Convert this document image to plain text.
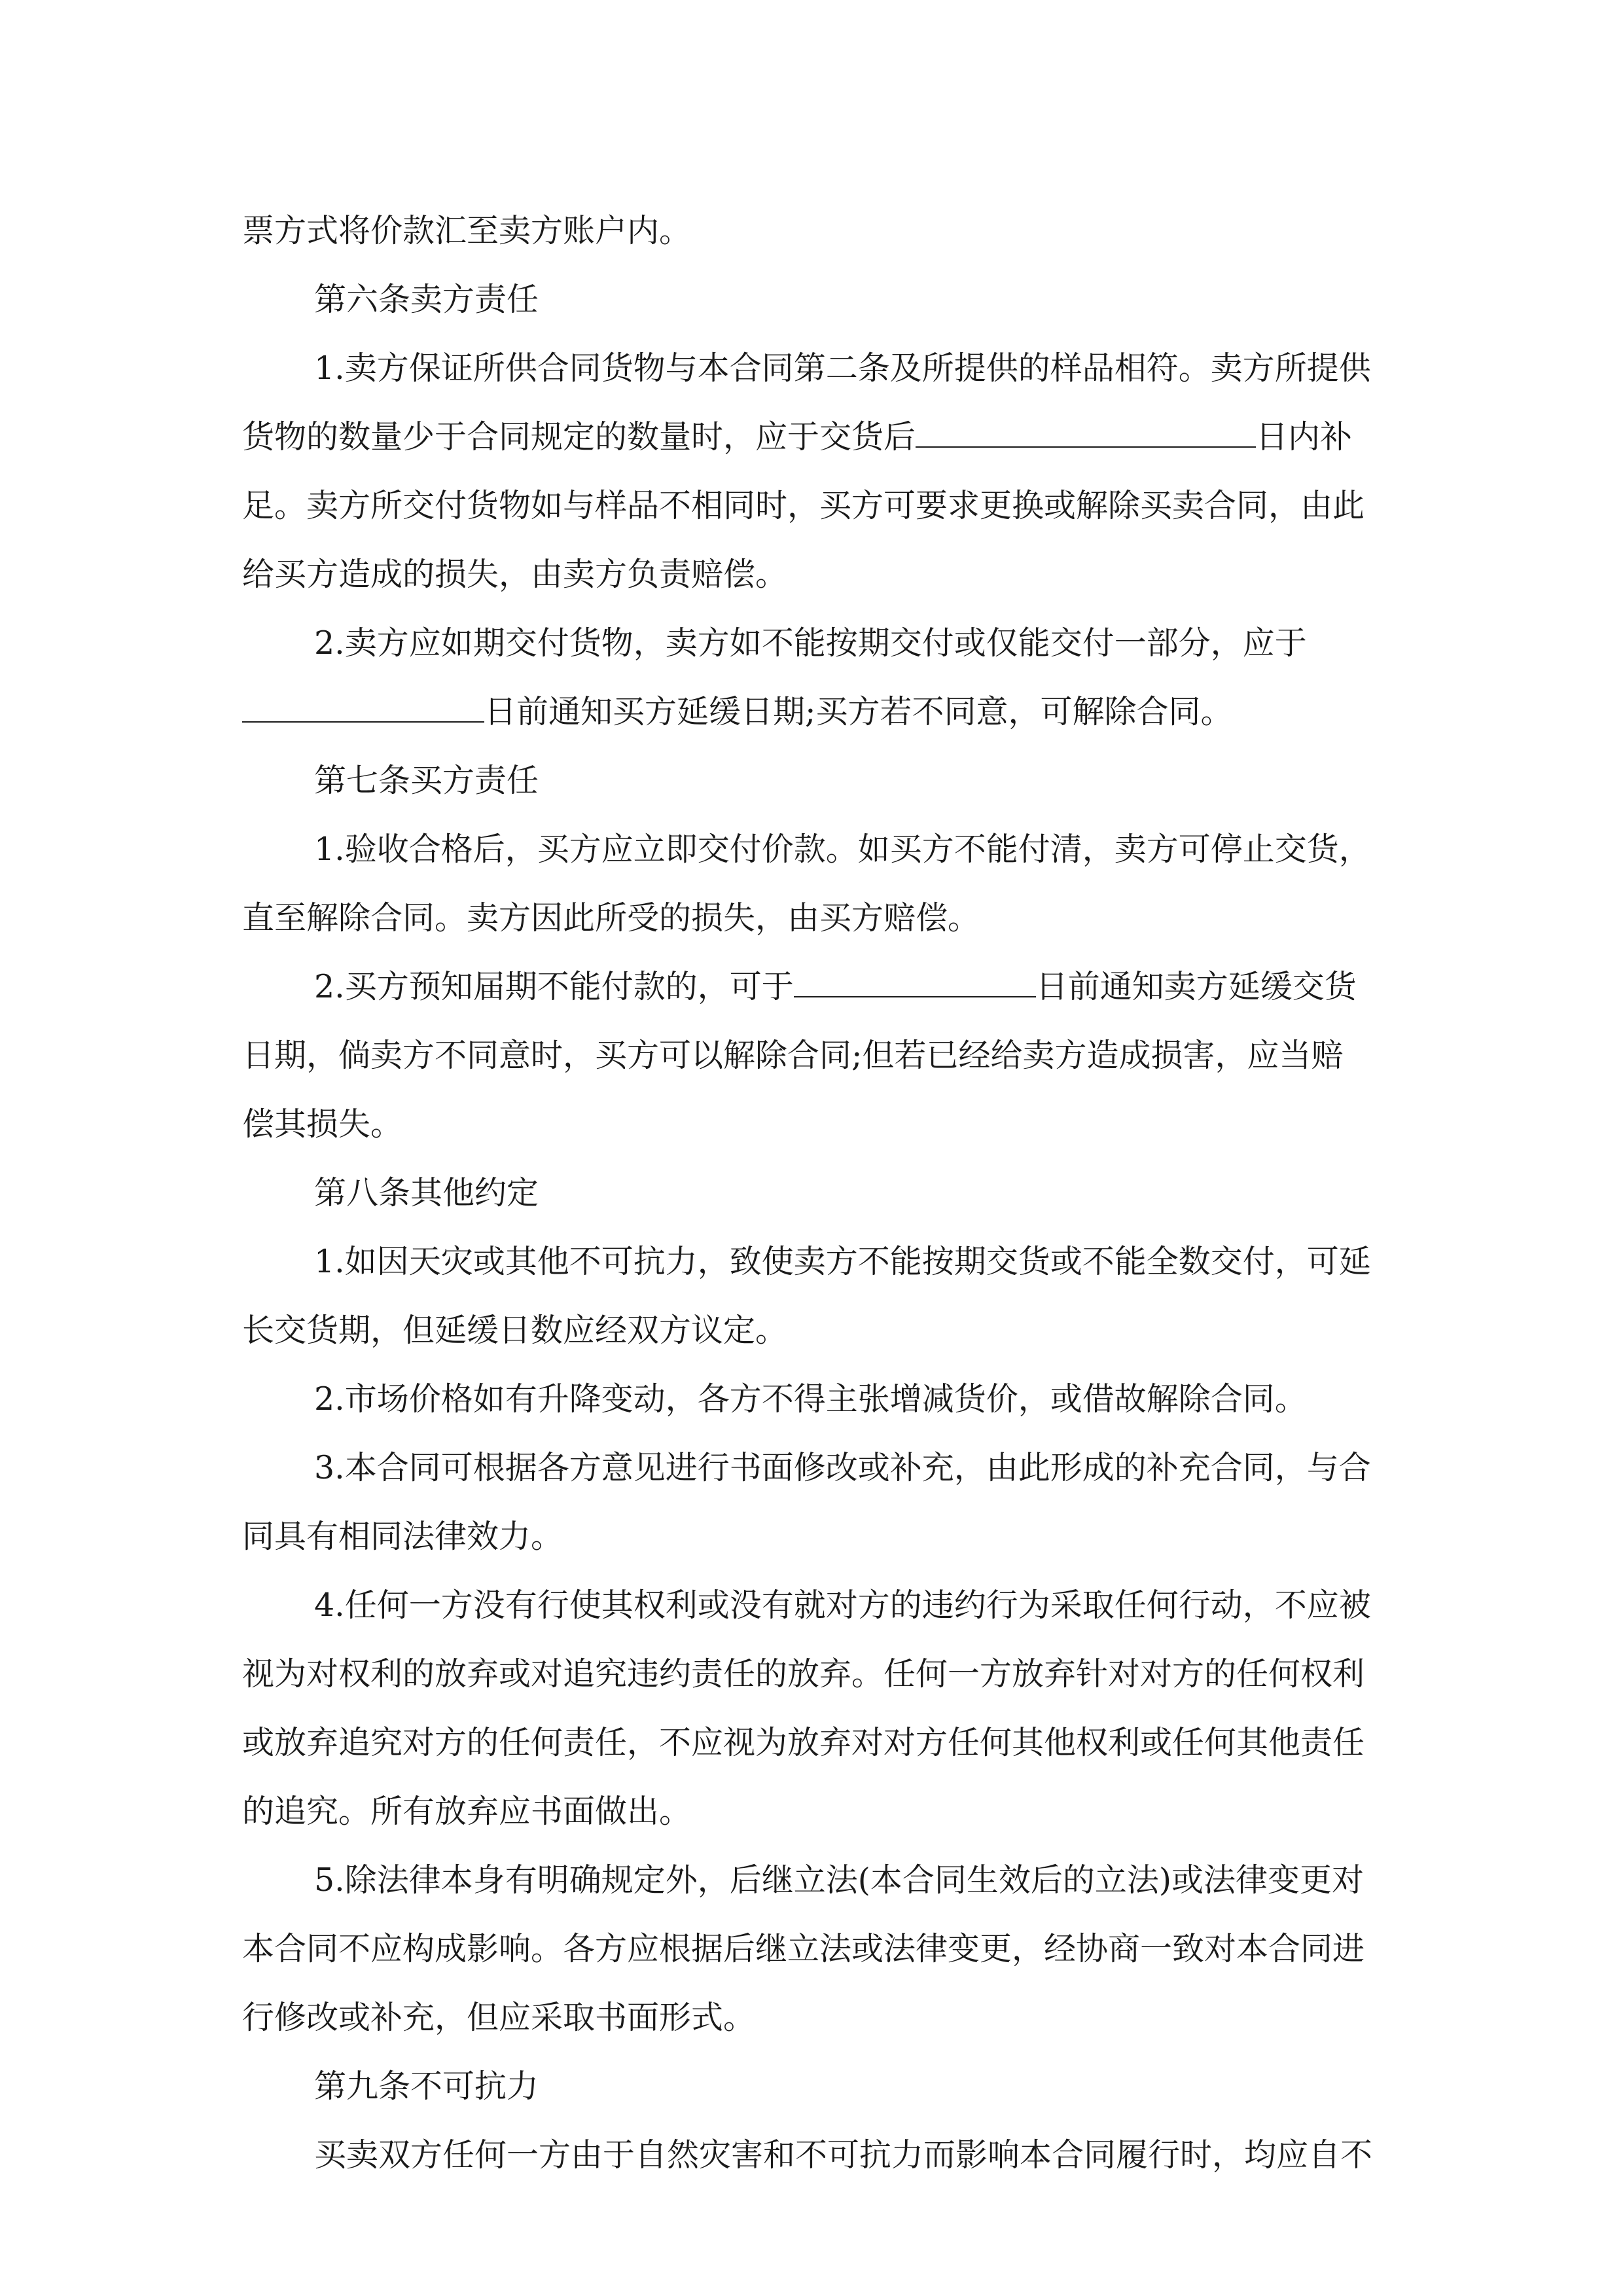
票方式将价款汇至卖方账户内。

第六条卖方责任

1.卖方保证所供合同货物与本合同第二条及所提供的样品相符。卖方所提供

货物的数量少于合同规定的数量时，应于交货后	日内补

足。卖方所交付货物如与样品不相同时，买方可要求更换或解除买卖合同，由此

给买方造成的损失，由卖方负责赔偿。

2.卖方应如期交付货物，卖方如不能按期交付或仅能交付一部分，应于

日前通知买方延缓日期;买方若不同意，可解除合同。

第七条买方责任

1.验收合格后，买方应立即交付价款。如买方不能付清，卖方可停止交货，

直至解除合同。卖方因此所受的损失，由买方赔偿。

2.买方预知届期不能付款的，可于	日前通知卖方延缓交货

日期，倘卖方不同意时，买方可以解除合同;但若已经给卖方造成损害，应当赔

偿其损失。

第八条其他约定

1.如因天灾或其他不可抗力，致使卖方不能按期交货或不能全数交付，可延

长交货期，但延缓日数应经双方议定。

2.市场价格如有升降变动，各方不得主张增减货价，或借故解除合同。

3.本合同可根据各方意见进行书面修改或补充，由此形成的补充合同，与合

同具有相同法律效力。

4.任何一方没有行使其权利或没有就对方的违约行为采取任何行动，不应被

视为对权利的放弃或对追究违约责任的放弃。任何一方放弃针对对方的任何权利

或放弃追究对方的任何责任，不应视为放弃对对方任何其他权利或任何其他责任

的追究。所有放弃应书面做出。

5.除法律本身有明确规定外，后继立法(本合同生效后的立法)或法律变更对

本合同不应构成影响。各方应根据后继立法或法律变更，经协商一致对本合同进

行修改或补充，但应采取书面形式。

第九条不可抗力

买卖双方任何一方由于自然灾害和不可抗力而影响本合同履行时，均应自不
